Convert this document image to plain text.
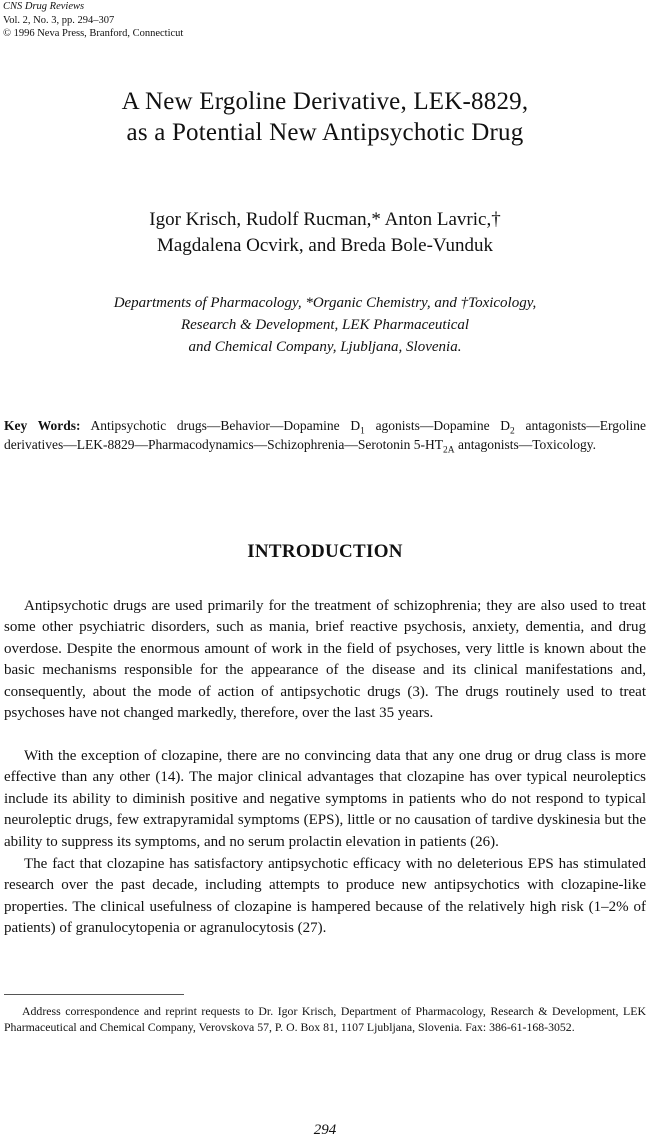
CNS Drug Reviews
Vol. 2, No. 3, pp. 294–307
© 1996 Neva Press, Branford, Connecticut
A New Ergoline Derivative, LEK-8829,
as a Potential New Antipsychotic Drug
Igor Krisch, Rudolf Rucman,* Anton Lavric,†
Magdalena Ocvirk, and Breda Bole-Vunduk
Departments of Pharmacology, *Organic Chemistry, and †Toxicology,
Research & Development, LEK Pharmaceutical
and Chemical Company, Ljubljana, Slovenia.
Key Words: Antipsychotic drugs—Behavior—Dopamine $D_1$ agonists—Dopamine $D_2$ antagonists—Ergoline derivatives—LEK-8829—Pharmacodynamics—Schizophrenia—Serotonin $5-HT_{2A}$ antagonists—Toxicology.
INTRODUCTION

Antipsychotic drugs are used primarily for the treatment of schizophrenia; they are also used to treat some other psychiatric disorders, such as mania, brief reactive psychosis, anxiety, dementia, and drug overdose. Despite the enormous amount of work in the field of psychoses, very little is known about the basic mechanisms responsible for the appearance of the disease and its clinical manifestations and, consequently, about the mode of action of antipsychotic drugs (3). The drugs routinely used to treat psychoses have not changed markedly, therefore, over the last 35 years.

With the exception of clozapine, there are no convincing data that any one drug or drug class is more effective than any other (14). The major clinical advantages that clozapine has over typical neuroleptics include its ability to diminish positive and negative symptoms in patients who do not respond to typical neuroleptic drugs, few extrapyramidal symptoms (EPS), little or no causation of tardive dyskinesia but the ability to suppress its symptoms, and no serum prolactin elevation in patients (26).

The fact that clozapine has satisfactory antipsychotic efficacy with no deleterious EPS has stimulated research over the past decade, including attempts to produce new antipsychotics with clozapine-like properties. The clinical usefulness of clozapine is hampered because of the relatively high risk (1–2% of patients) of granulocytopenia or agranulocytosis (27).

Address correspondence and reprint requests to Dr. Igor Krisch, Department of Pharmacology, Research & Development, LEK Pharmaceutical and Chemical Company, Verovskova 57, P. O. Box 81, 1107 Ljubljana, Slovenia. Fax: 386-61-168-3052.
294
